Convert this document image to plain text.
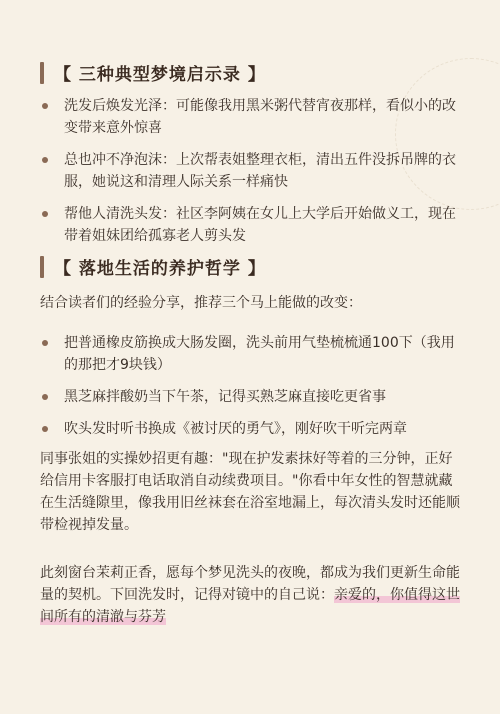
【 三种典型梦境启示录 】
洗发后焕发光泽：可能像我用黑米粥代替宵夜那样，看似小的改变带来意外惊喜
总也冲不净泡沫：上次帮表姐整理衣柜，清出五件没拆吊牌的衣服，她说这和清理人际关系一样痛快
帮他人清洗头发：社区李阿姨在女儿上大学后开始做义工，现在带着姐妹团给孤寡老人剪头发
【 落地生活的养护哲学 】
结合读者们的经验分享，推荐三个马上能做的改变：
把普通橡皮筋换成大肠发圈，洗头前用气垫梳梳通100下（我用的那把才9块钱）
黑芝麻拌酸奶当下午茶，记得买熟芝麻直接吃更省事
吹头发时听书换成《被讨厌的勇气》，刚好吹干听完两章
同事张姐的实操妙招更有趣："现在护发素抹好等着的三分钟，正好给信用卡客服打电话取消自动续费项目。"你看中年女性的智慧就藏在生活缝隙里，像我用旧丝袜套在浴室地漏上，每次清头发时还能顺带检视掉发量。
此刻窗台茉莉正香，愿每个梦见洗头的夜晚，都成为我们更新生命能量的契机。下回洗发时，记得对镜中的自己说：亲爱的，你值得这世间所有的清澈与芬芳
